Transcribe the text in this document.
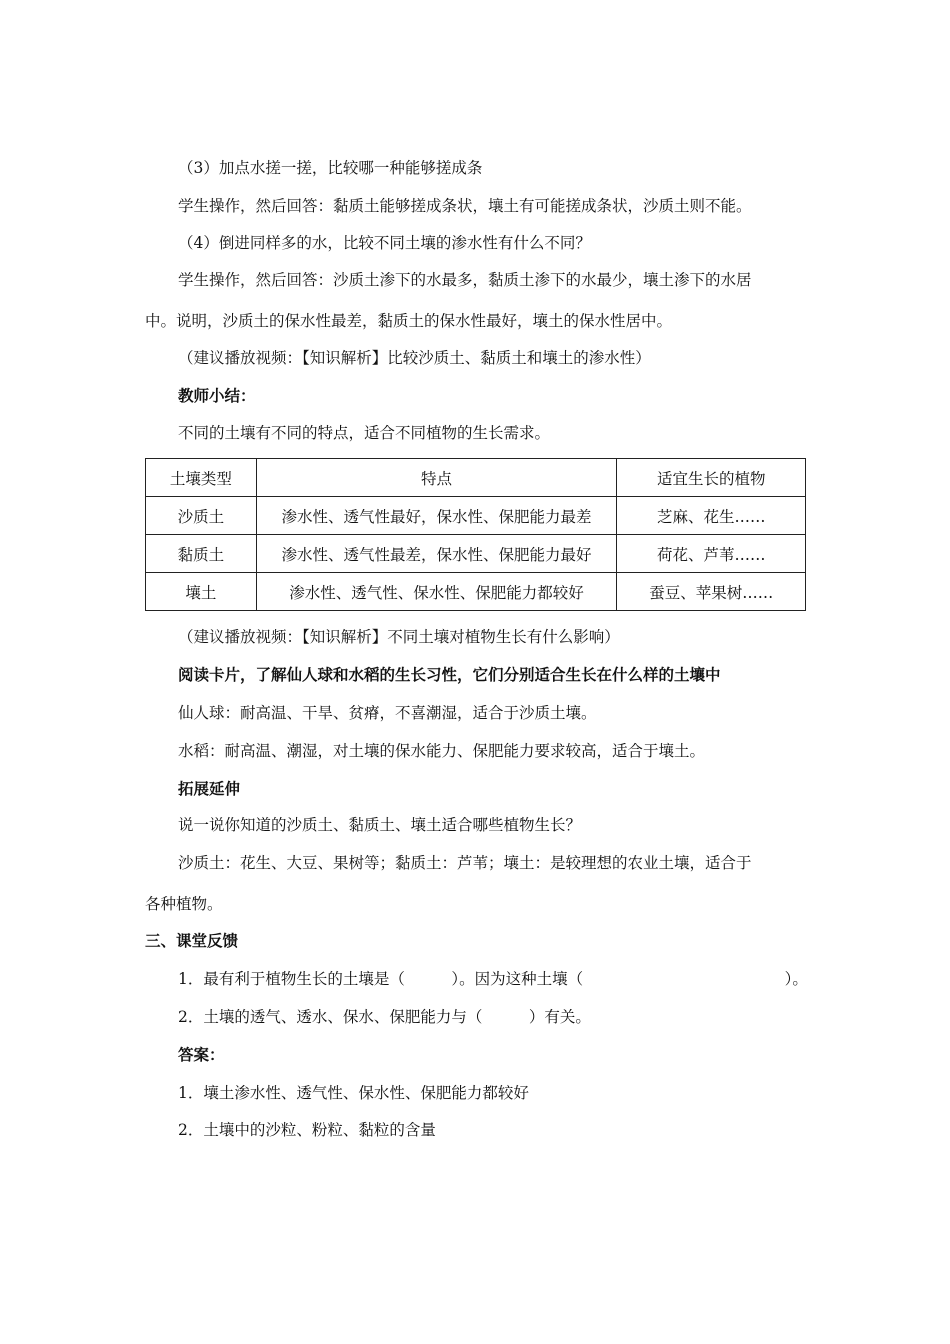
（3）加点水搓一搓，比较哪一种能够搓成条
学生操作，然后回答：黏质土能够搓成条状，壤土有可能搓成条状，沙质土则不能。
（4）倒进同样多的水，比较不同土壤的渗水性有什么不同？
学生操作，然后回答：沙质土渗下的水最多，黏质土渗下的水最少，壤土渗下的水居
中。说明，沙质土的保水性最差，黏质土的保水性最好，壤土的保水性居中。
（建议播放视频：【知识解析】比较沙质土、黏质土和壤土的渗水性）
教师小结：
不同的土壤有不同的特点，适合不同植物的生长需求。
土壤类型	特点	适宜生长的植物
沙质土	渗水性、透气性最好，保水性、保肥能力最差	芝麻、花生……
黏质土	渗水性、透气性最差，保水性、保肥能力最好	荷花、芦苇……
壤土	渗水性、透气性、保水性、保肥能力都较好	蚕豆、苹果树……
（建议播放视频：【知识解析】不同土壤对植物生长有什么影响）
阅读卡片，了解仙人球和水稻的生长习性，它们分别适合生长在什么样的土壤中
仙人球：耐高温、干旱、贫瘠，不喜潮湿，适合于沙质土壤。
水稻：耐高温、潮湿，对土壤的保水能力、保肥能力要求较高，适合于壤土。
拓展延伸
说一说你知道的沙质土、黏质土、壤土适合哪些植物生长？
沙质土：花生、大豆、果树等；黏质土：芦苇；壤土：是较理想的农业土壤，适合于
各种植物。
三、课堂反馈
1．最有利于植物生长的土壤是（　　　）。因为这种土壤（　　　　　　　　　　　　　）。
2．土壤的透气、透水、保水、保肥能力与（　　　）有关。
答案：
1．壤土渗水性、透气性、保水性、保肥能力都较好
2．土壤中的沙粒、粉粒、黏粒的含量
